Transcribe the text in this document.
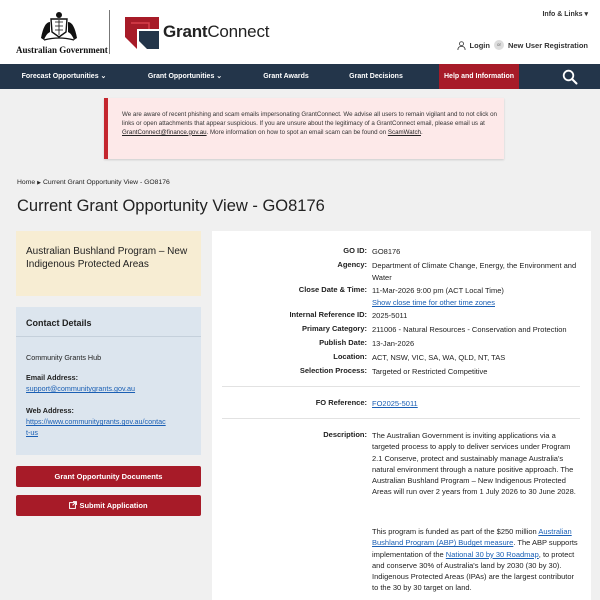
Australian Government
GrantConnect
Info & Links ▾
Login	or New User Registration
Forecast Opportunities ⌄	Grant Opportunities ⌄	Grant Awards	Grant Decisions	Help and Information
We are aware of recent phishing and scam emails impersonating GrantConnect. We advise all users to remain vigilant and to not click on links or open attachments that appear suspicious. If you are unsure about the legitimacy of a GrantConnect email, please email us at GrantConnect@finance.gov.au. More information on how to spot an email scam can be found on ScamWatch.
Home ▶ Current Grant Opportunity View - GO8176
Current Grant Opportunity View - GO8176
Australian Bushland Program – New Indigenous Protected Areas
Contact Details
Community Grants Hub
Email Address:
support@communitygrants.gov.au
Web Address:
https://www.communitygrants.gov.au/contact-us
Grant Opportunity Documents
Submit Application
GO ID: GO8176
Agency: Department of Climate Change, Energy, the Environment and Water
Close Date & Time: 11-Mar-2026 9:00 pm (ACT Local Time)
Show close time for other time zones
Internal Reference ID: 2025-5011
Primary Category: 211006 - Natural Resources - Conservation and Protection
Publish Date: 13-Jan-2026
Location: ACT, NSW, VIC, SA, WA, QLD, NT, TAS
Selection Process: Targeted or Restricted Competitive
FO Reference: FO2025-5011
Description: The Australian Government is inviting applications via a targeted process to apply to deliver services under Program 2.1 Conserve, protect and sustainably manage Australia's natural environment through a nature positive approach. The Australian Bushland Program – New Indigenous Protected Areas will run over 2 years from 1 July 2026 to 30 June 2028.
This program is funded as part of the $250 million Australian Bushland Program (ABP) Budget measure. The ABP supports implementation of the National 30 by 30 Roadmap, to protect and conserve 30% of Australia's land by 2030 (30 by 30). Indigenous Protected Areas (IPAs) are the largest contributor to the 30 by 30 target on land.
